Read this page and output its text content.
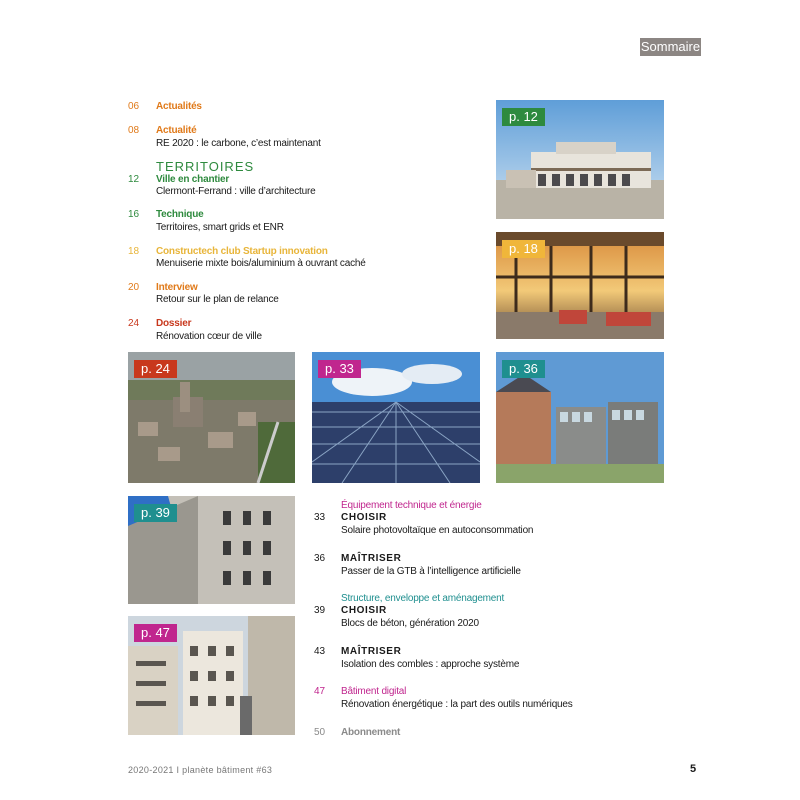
Sommaire
06 Actualités
08 Actualité
RE 2020 : le carbone, c’est maintenant
TERRITOIRES
12 Ville en chantier
Clermont-Ferrand : ville d’architecture
16 Technique
Territoires, smart grids et ENR
18 Constructech club Startup innovation
Menuiserie mixte bois/aluminium à ouvrant caché
20 Interview
Retour sur le plan de relance
24 Dossier
Rénovation cœur de ville
p. 12
p. 18
p. 24	p. 33	p. 36
p. 39
p. 47
Équipement technique et énergie
33 CHOISIR
Solaire photovoltaïque en autoconsommation
36 MAÎTRISER
Passer de la GTB à l’intelligence artificielle
Structure, enveloppe et aménagement
39 CHOISIR
Blocs de béton, génération 2020
43 MAÎTRISER
Isolation des combles : approche système
47 Bâtiment digital
Rénovation énergétique : la part des outils numériques
50 Abonnement
2020-2021 I planète bâtiment #63	5
